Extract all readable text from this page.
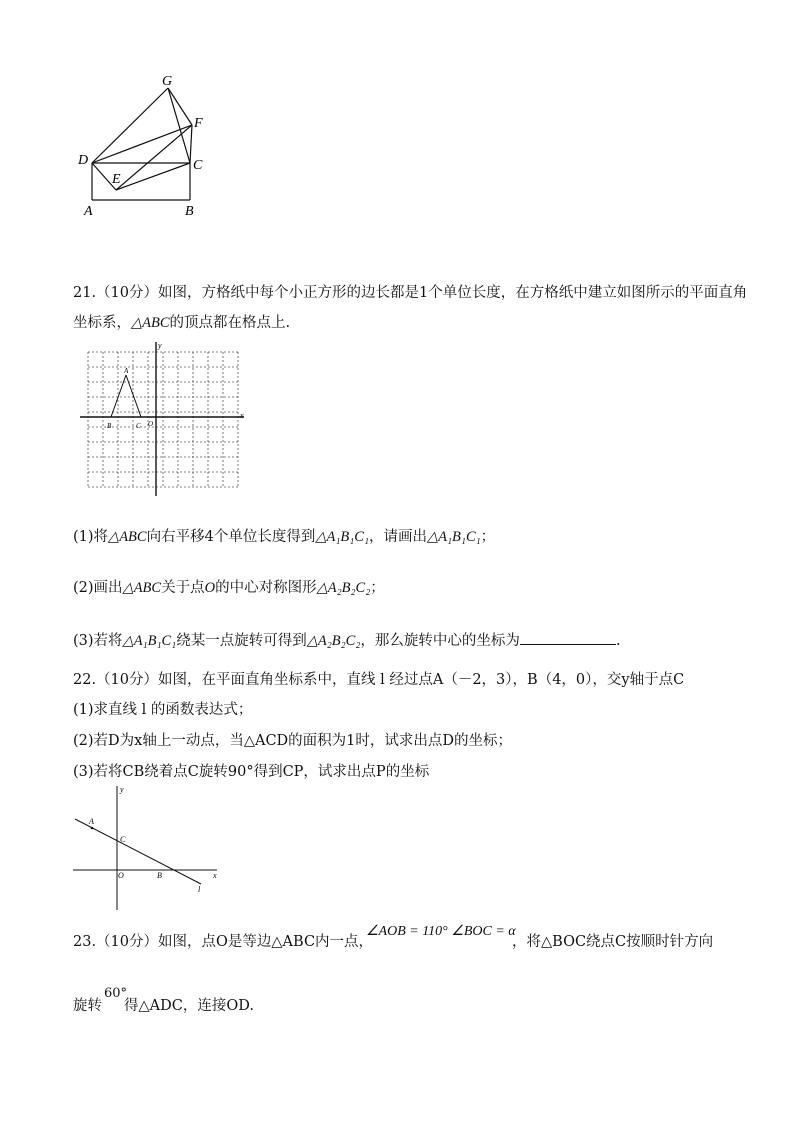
G
F
D	C
E
A	B
21.（10分）如图，方格纸中每个小正方形的边长都是1个单位长度，在方格纸中建立如图所示的平面直角
坐标系，△ABC的顶点都在格点上.
y
x
A
B	C O
(1)将△ABC向右平移4个单位长度得到△A₁B₁C₁，请画出△A₁B₁C₁；
(2)画出△ABC关于点O的中心对称图形△A₂B₂C₂；
(3)若将△A₁B₁C₁绕某一点旋转可得到△A₂B₂C₂，那么旋转中心的坐标为	.
22.（10分）如图，在平面直角坐标系中，直线 l 经过点A（－2，3），B（4，0），交y轴于点C
(1)求直线 l 的函数表达式；
(2)若D为x轴上一动点，当△ACD的面积为1时，试求出点D的坐标；
(3)若将CB绕着点C旋转90°得到CP，试求出点P的坐标
y
x
A
C
O	B
l
23.（10分）如图，点O是等边△ABC内一点，
∠AOB = 110° ∠BOC = α
，将△BOC绕点C按顺时针方向
旋转
60°
得△ADC，连接OD.
